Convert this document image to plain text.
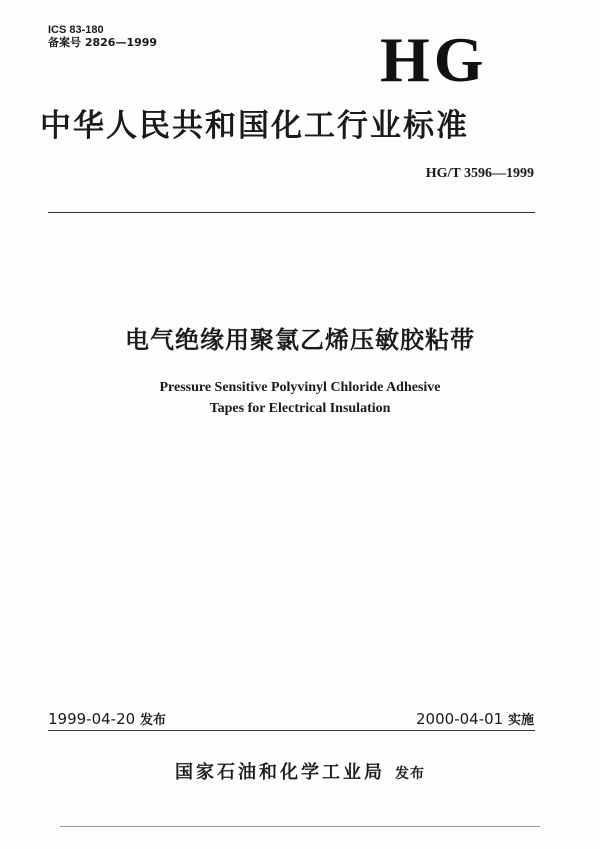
ICS 83-180
备案号 2826—1999	HG
中华人民共和国化工行业标准
HG/T 3596—1999
电气绝缘用聚氯乙烯压敏胶粘带
Pressure Sensitive Polyvinyl Chloride Adhesive
Tapes for Electrical Insulation
1999-04-20 发布	2000-04-01 实施
国家石油和化学工业局 发布
